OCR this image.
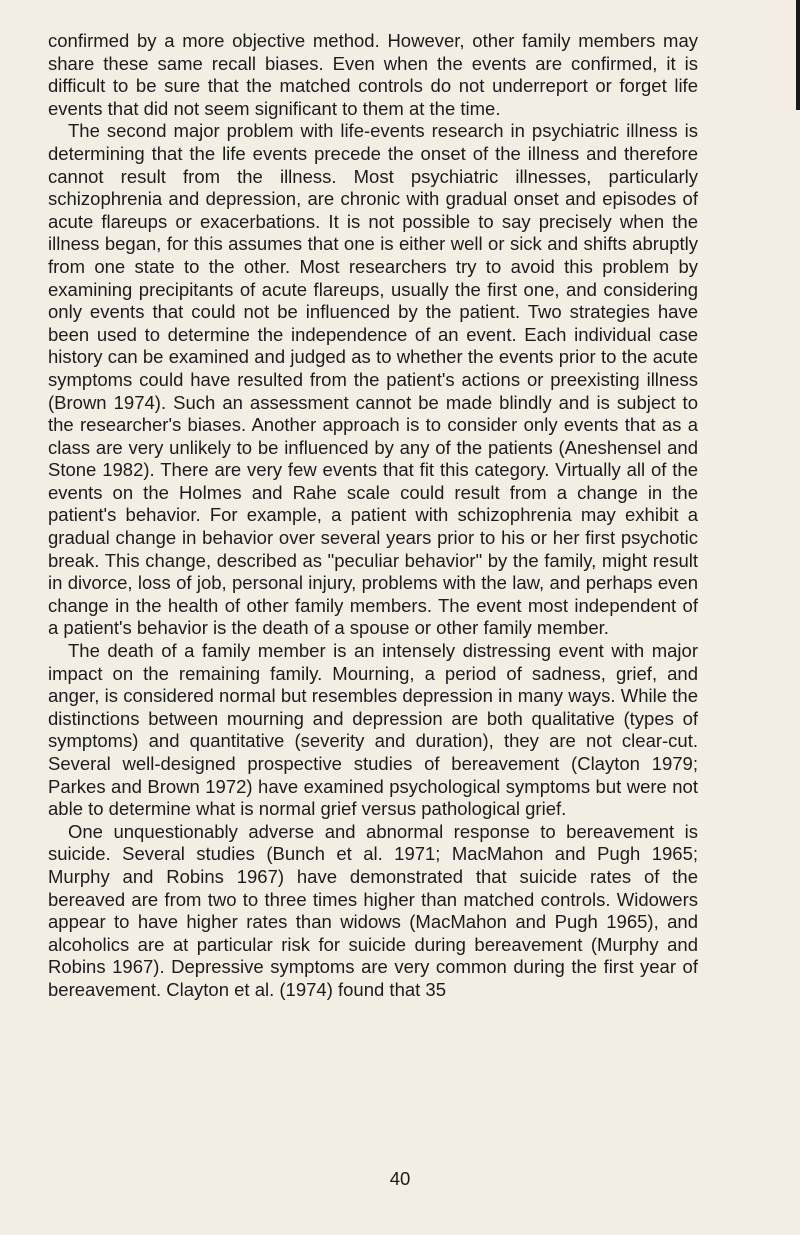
confirmed by a more objective method. However, other family members may share these same recall biases. Even when the events are confirmed, it is difficult to be sure that the matched controls do not underreport or forget life events that did not seem significant to them at the time.

The second major problem with life-events research in psychiatric illness is determining that the life events precede the onset of the illness and therefore cannot result from the illness. Most psychiatric illnesses, particularly schizophrenia and depression, are chronic with gradual onset and episodes of acute flareups or exacerbations. It is not possible to say precisely when the illness began, for this assumes that one is either well or sick and shifts abruptly from one state to the other. Most researchers try to avoid this problem by examining precipitants of acute flareups, usually the first one, and considering only events that could not be influenced by the patient. Two strategies have been used to determine the independence of an event. Each individual case history can be examined and judged as to whether the events prior to the acute symptoms could have resulted from the patient's actions or preexisting illness (Brown 1974). Such an assessment cannot be made blindly and is subject to the researcher's biases. Another approach is to consider only events that as a class are very unlikely to be influenced by any of the patients (Aneshensel and Stone 1982). There are very few events that fit this category. Virtually all of the events on the Holmes and Rahe scale could result from a change in the patient's behavior. For example, a patient with schizophrenia may exhibit a gradual change in behavior over several years prior to his or her first psychotic break. This change, described as "peculiar behavior" by the family, might result in divorce, loss of job, personal injury, problems with the law, and perhaps even change in the health of other family members. The event most independent of a patient's behavior is the death of a spouse or other family member.

The death of a family member is an intensely distressing event with major impact on the remaining family. Mourning, a period of sadness, grief, and anger, is considered normal but resembles depression in many ways. While the distinctions between mourning and depression are both qualitative (types of symptoms) and quantitative (severity and duration), they are not clear-cut. Several well-designed prospective studies of bereavement (Clayton 1979; Parkes and Brown 1972) have examined psychological symptoms but were not able to determine what is normal grief versus pathological grief.

One unquestionably adverse and abnormal response to bereavement is suicide. Several studies (Bunch et al. 1971; MacMahon and Pugh 1965; Murphy and Robins 1967) have demonstrated that suicide rates of the bereaved are from two to three times higher than matched controls. Widowers appear to have higher rates than widows (MacMahon and Pugh 1965), and alcoholics are at particular risk for suicide during bereavement (Murphy and Robins 1967). Depressive symptoms are very common during the first year of bereavement. Clayton et al. (1974) found that 35

40
